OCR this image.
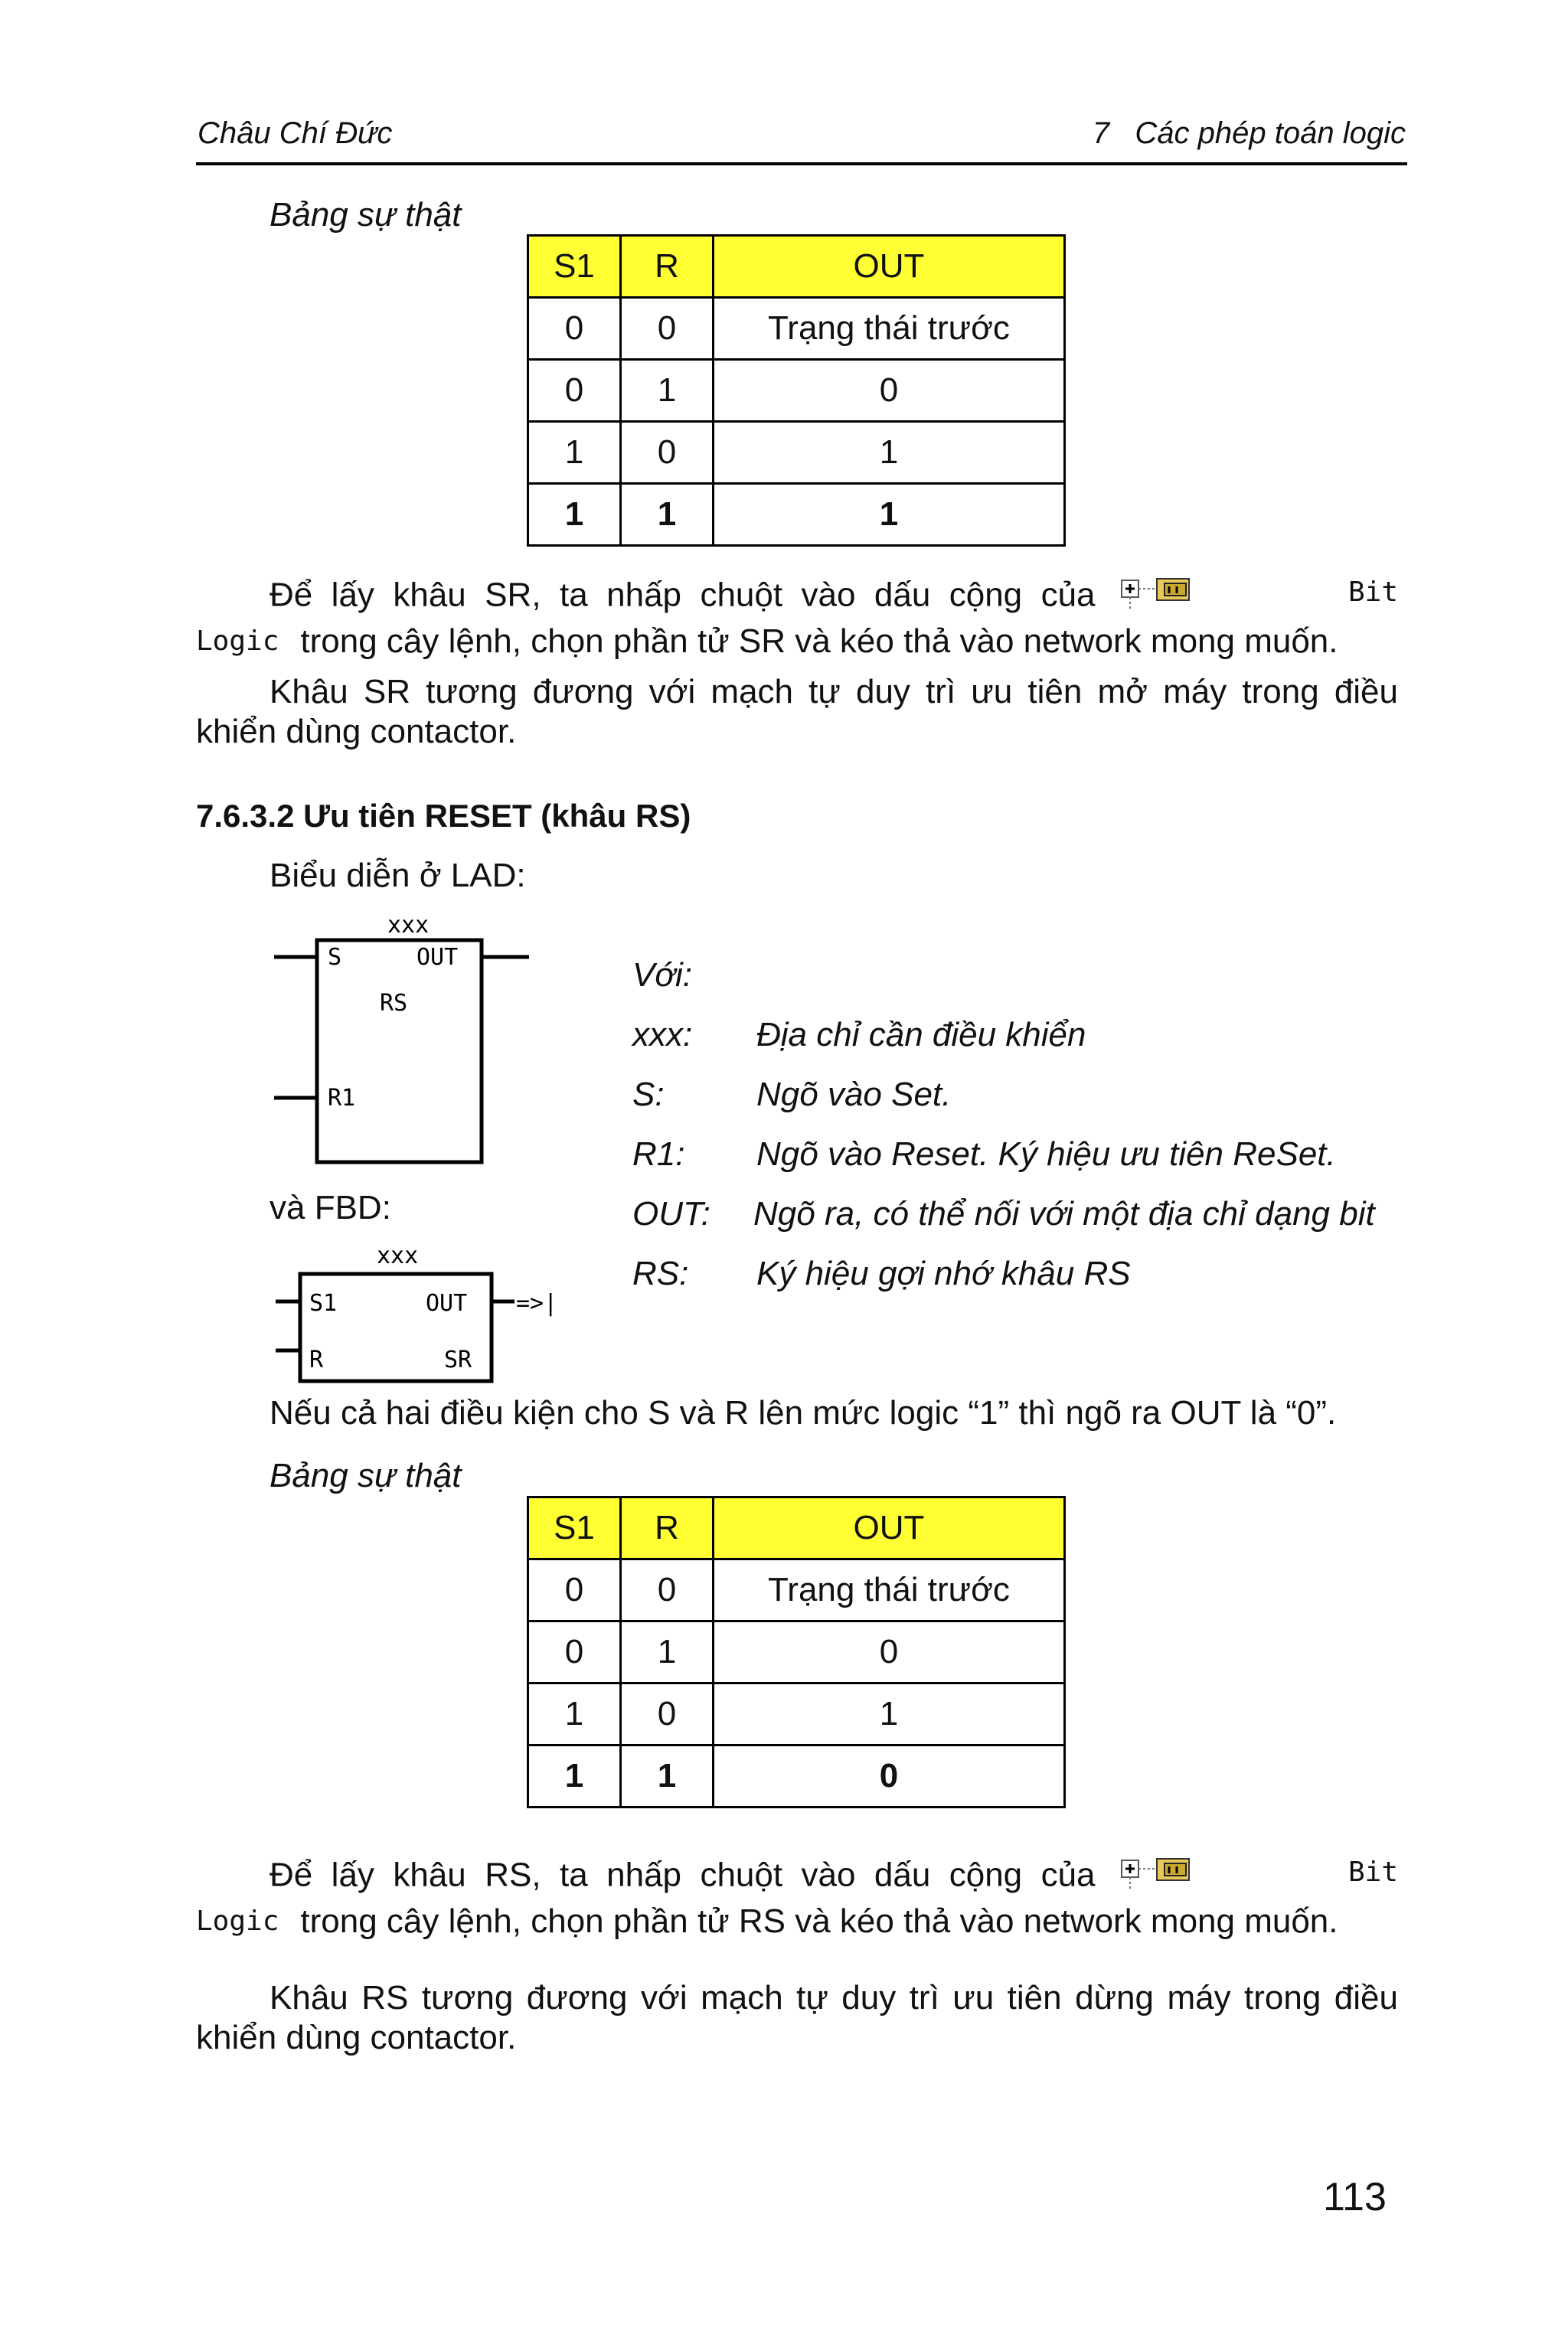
Châu Chí Đức	7   Các phép toán logic
Bảng sự thật
S1	R	OUT
0	0	Trạng thái trước
0	1	0
1	0	1
1	1	1
Để lấy khâu SR, ta nhấp chuột vào dấu cộng của	$^{Bit Logic}$ trong cây lệnh, chọn phần tử SR và kéo thả vào network mong muốn.
Khâu SR tương đương với mạch tự duy trì ưu tiên mở máy trong điều khiển dùng contactor.
7.6.3.2 Ưu tiên RESET (khâu RS)
Biểu diễn ở LAD:
xxx
S	OUT
RS
R1
và FBD:
xxx
S1	OUT
R	SR
=>|
Với:
xxx: Địa chỉ cần điều khiển
S:	Ngõ vào Set.
R1: Ngõ vào Reset. Ký hiệu ưu tiên ReSet.
OUT: Ngõ ra, có thể nối với một địa chỉ dạng bit
RS: Ký hiệu gợi nhớ khâu RS
Nếu cả hai điều kiện cho S và R lên mức logic “1” thì ngõ ra OUT là “0”.
Bảng sự thật
S1	R	OUT
0	0	Trạng thái trước
0	1	0
1	0	1
1	1	0
Để lấy khâu RS, ta nhấp chuột vào dấu cộng của	$^{Bit Logic}$ trong cây lệnh, chọn phần tử RS và kéo thả vào network mong muốn.
Khâu RS tương đương với mạch tự duy trì ưu tiên dừng máy trong điều khiển dùng contactor.
113
